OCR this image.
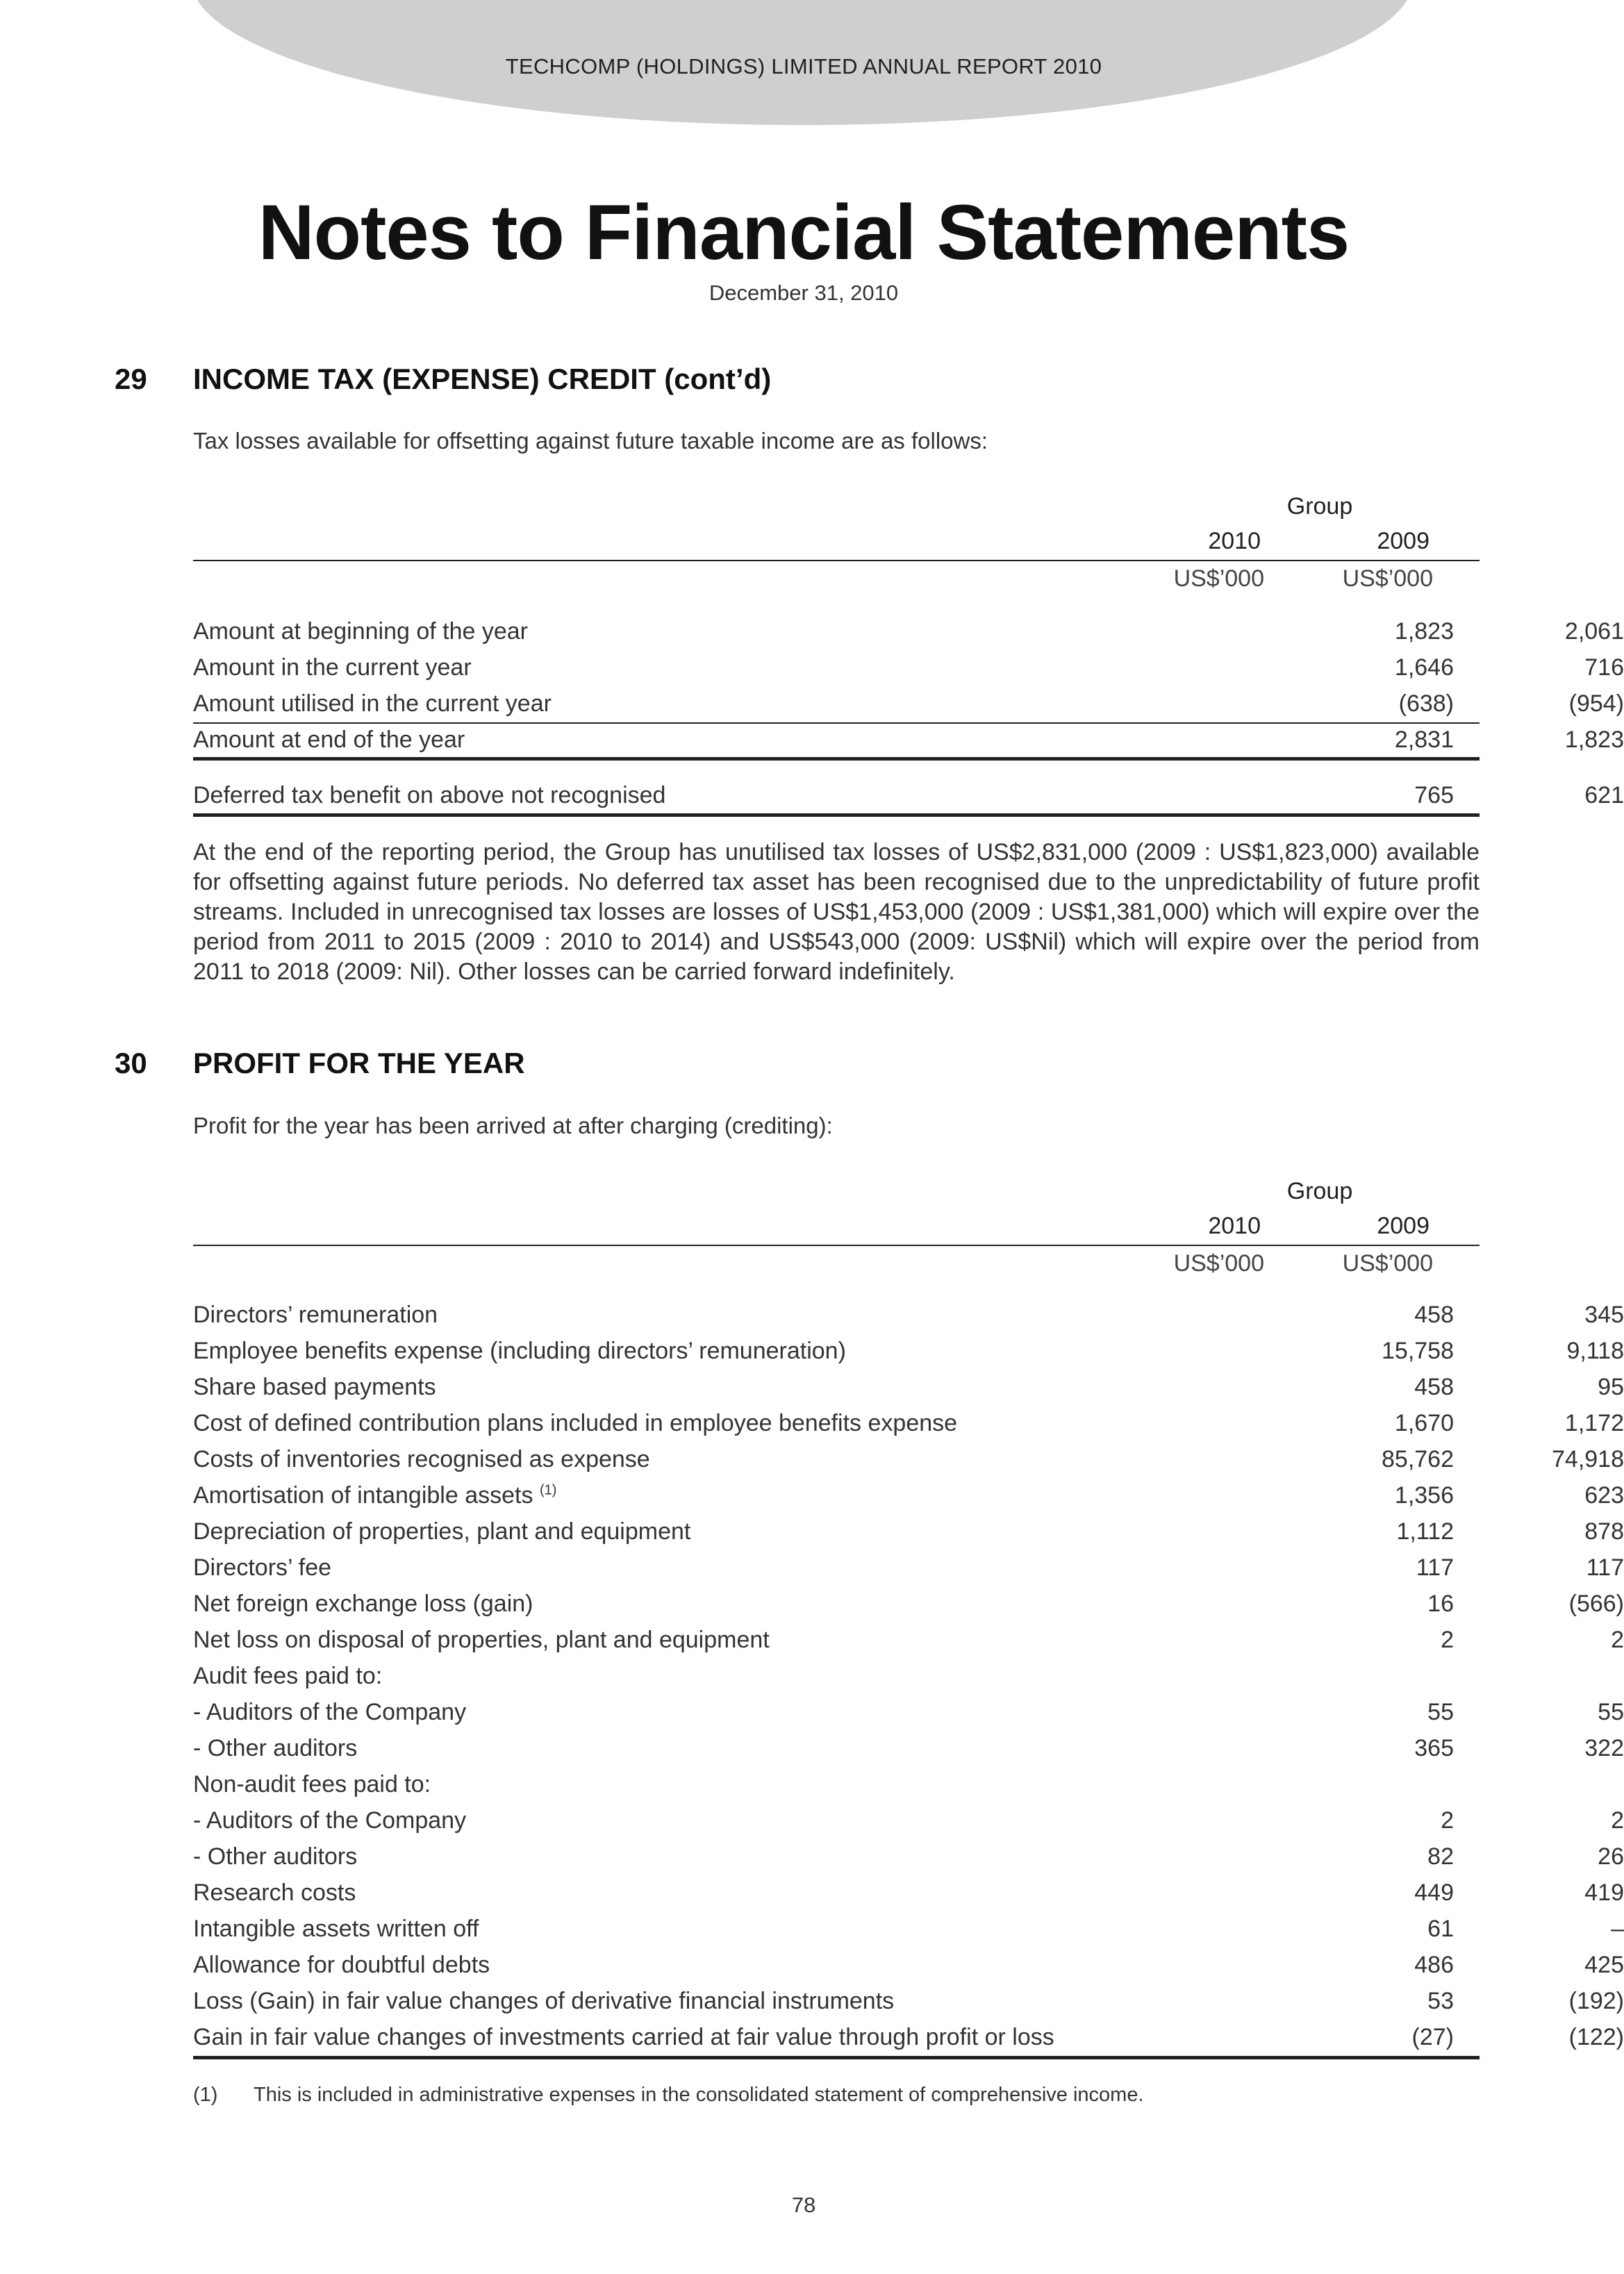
TECHCOMP (HOLDINGS) LIMITED ANNUAL REPORT 2010
Notes to Financial Statements
December 31, 2010
29 INCOME TAX (EXPENSE) CREDIT (cont’d)
Tax losses available for offsetting against future taxable income are as follows:
Group
2010	2009
US$’000	US$’000
Amount at beginning of the year	1,823	2,061
Amount in the current year	1,646	716
Amount utilised in the current year	(638)	(954)
Amount at end of the year	2,831	1,823
Deferred tax benefit on above not recognised	765	621
At the end of the reporting period, the Group has unutilised tax losses of US$2,831,000 (2009 : US$1,823,000) available for offsetting against future periods. No deferred tax asset has been recognised due to the unpredictability of future profit streams. Included in unrecognised tax losses are losses of US$1,453,000 (2009 : US$1,381,000) which will expire over the period from 2011 to 2015 (2009 : 2010 to 2014) and US$543,000 (2009: US$Nil) which will expire over the period from 2011 to 2018 (2009: Nil). Other losses can be carried forward indefinitely.
30 PROFIT FOR THE YEAR
Profit for the year has been arrived at after charging (crediting):
Group
2010	2009
US$’000	US$’000
Directors’ remuneration	458	345
Employee benefits expense (including directors’ remuneration)	15,758	9,118
Share based payments	458	95
Cost of defined contribution plans included in employee benefits expense	1,670	1,172
Costs of inventories recognised as expense	85,762	74,918
Amortisation of intangible assets $^{(1)}$	1,356	623
Depreciation of properties, plant and equipment	1,112	878
Directors’ fee	117	117
Net foreign exchange loss (gain)	16	(566)
Net loss on disposal of properties, plant and equipment	2	2
Audit fees paid to:
- Auditors of the Company	55	55
- Other auditors	365	322
Non-audit fees paid to:
- Auditors of the Company	2	2
- Other auditors	82	26
Research costs	449	419
Intangible assets written off	61	–
Allowance for doubtful debts	486	425
Loss (Gain) in fair value changes of derivative financial instruments	53	(192)
Gain in fair value changes of investments carried at fair value through profit or loss	(27)	(122)
(1) This is included in administrative expenses in the consolidated statement of comprehensive income.
78
